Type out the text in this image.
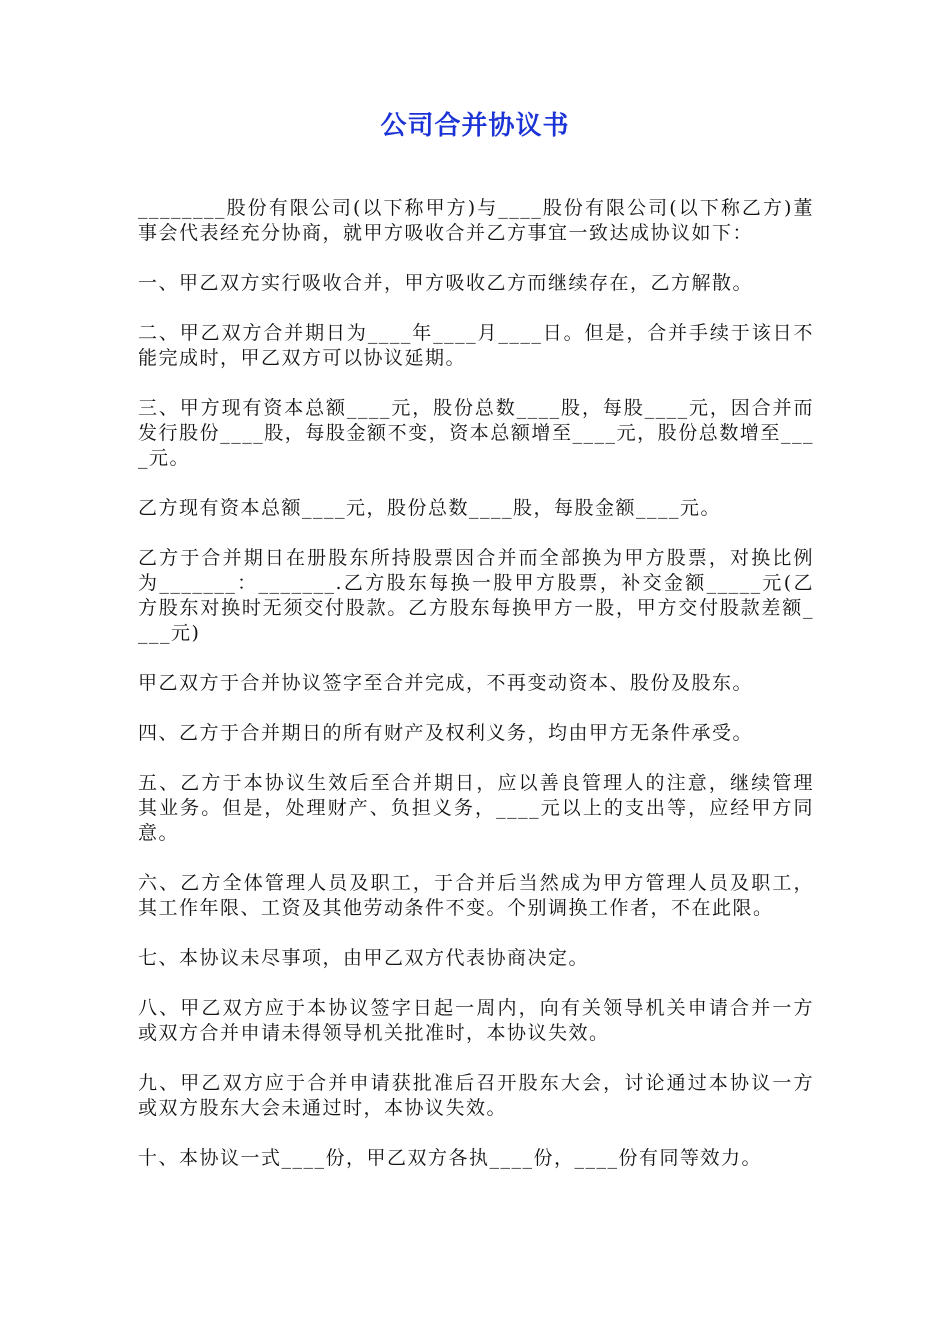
公司合并协议书

________股份有限公司(以下称甲方)与____股份有限公司(以下称乙方)董事会代表经充分协商，就甲方吸收合并乙方事宜一致达成协议如下：

一、甲乙双方实行吸收合并，甲方吸收乙方而继续存在，乙方解散。

二、甲乙双方合并期日为____年____月____日。但是，合并手续于该日不能完成时，甲乙双方可以协议延期。

三、甲方现有资本总额____元，股份总数____股，每股____元，因合并而发行股份____股，每股金额不变，资本总额增至____元，股份总数增至____元。

乙方现有资本总额____元，股份总数____股，每股金额____元。

乙方于合并期日在册股东所持股票因合并而全部换为甲方股票，对换比例为_______：_______.乙方股东每换一股甲方股票，补交金额_____元(乙方股东对换时无须交付股款。乙方股东每换甲方一股，甲方交付股款差额____元)

甲乙双方于合并协议签字至合并完成，不再变动资本、股份及股东。

四、乙方于合并期日的所有财产及权利义务，均由甲方无条件承受。

五、乙方于本协议生效后至合并期日，应以善良管理人的注意，继续管理其业务。但是，处理财产、负担义务，____元以上的支出等，应经甲方同意。

六、乙方全体管理人员及职工，于合并后当然成为甲方管理人员及职工，其工作年限、工资及其他劳动条件不变。个别调换工作者，不在此限。

七、本协议未尽事项，由甲乙双方代表协商决定。

八、甲乙双方应于本协议签字日起一周内，向有关领导机关申请合并一方或双方合并申请未得领导机关批准时，本协议失效。

九、甲乙双方应于合并申请获批准后召开股东大会，讨论通过本协议一方或双方股东大会未通过时，本协议失效。

十、本协议一式____份，甲乙双方各执____份，____份有同等效力。
